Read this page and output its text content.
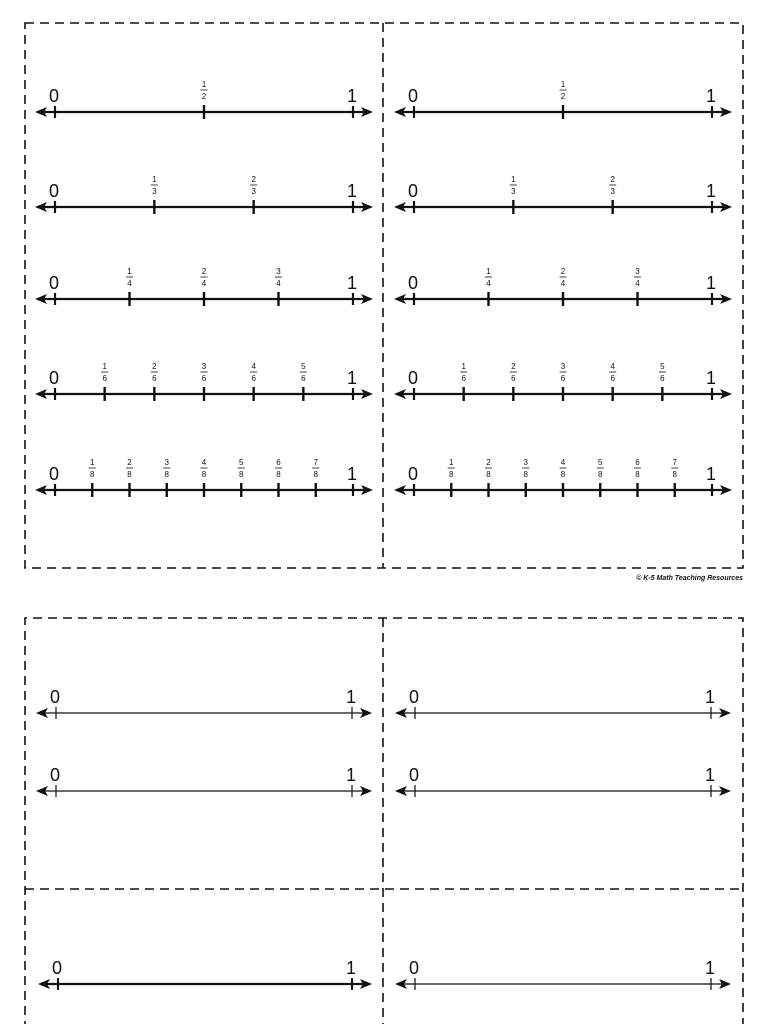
0	1
1
2	0	1
1
2
0	1
1
3
2
3	0	1
1
3
2
3
0	1
1
4
2
4
3
4	0	1
1
4
2
4
3
4
0	1
1
6
2
6
3
6
4
6
5
6	0	1
1
6
2
6
3
6
4
6
5
6
0	1
1
8
2
8
3
8
4
8
5
8
6
8
7
8	0	1
1
8
2
8
3
8
4
8
5
8
6
8
7
8
0	1	0	1
0	1	0	1
0	1	0	1
© K-5 Math Teaching Resources
